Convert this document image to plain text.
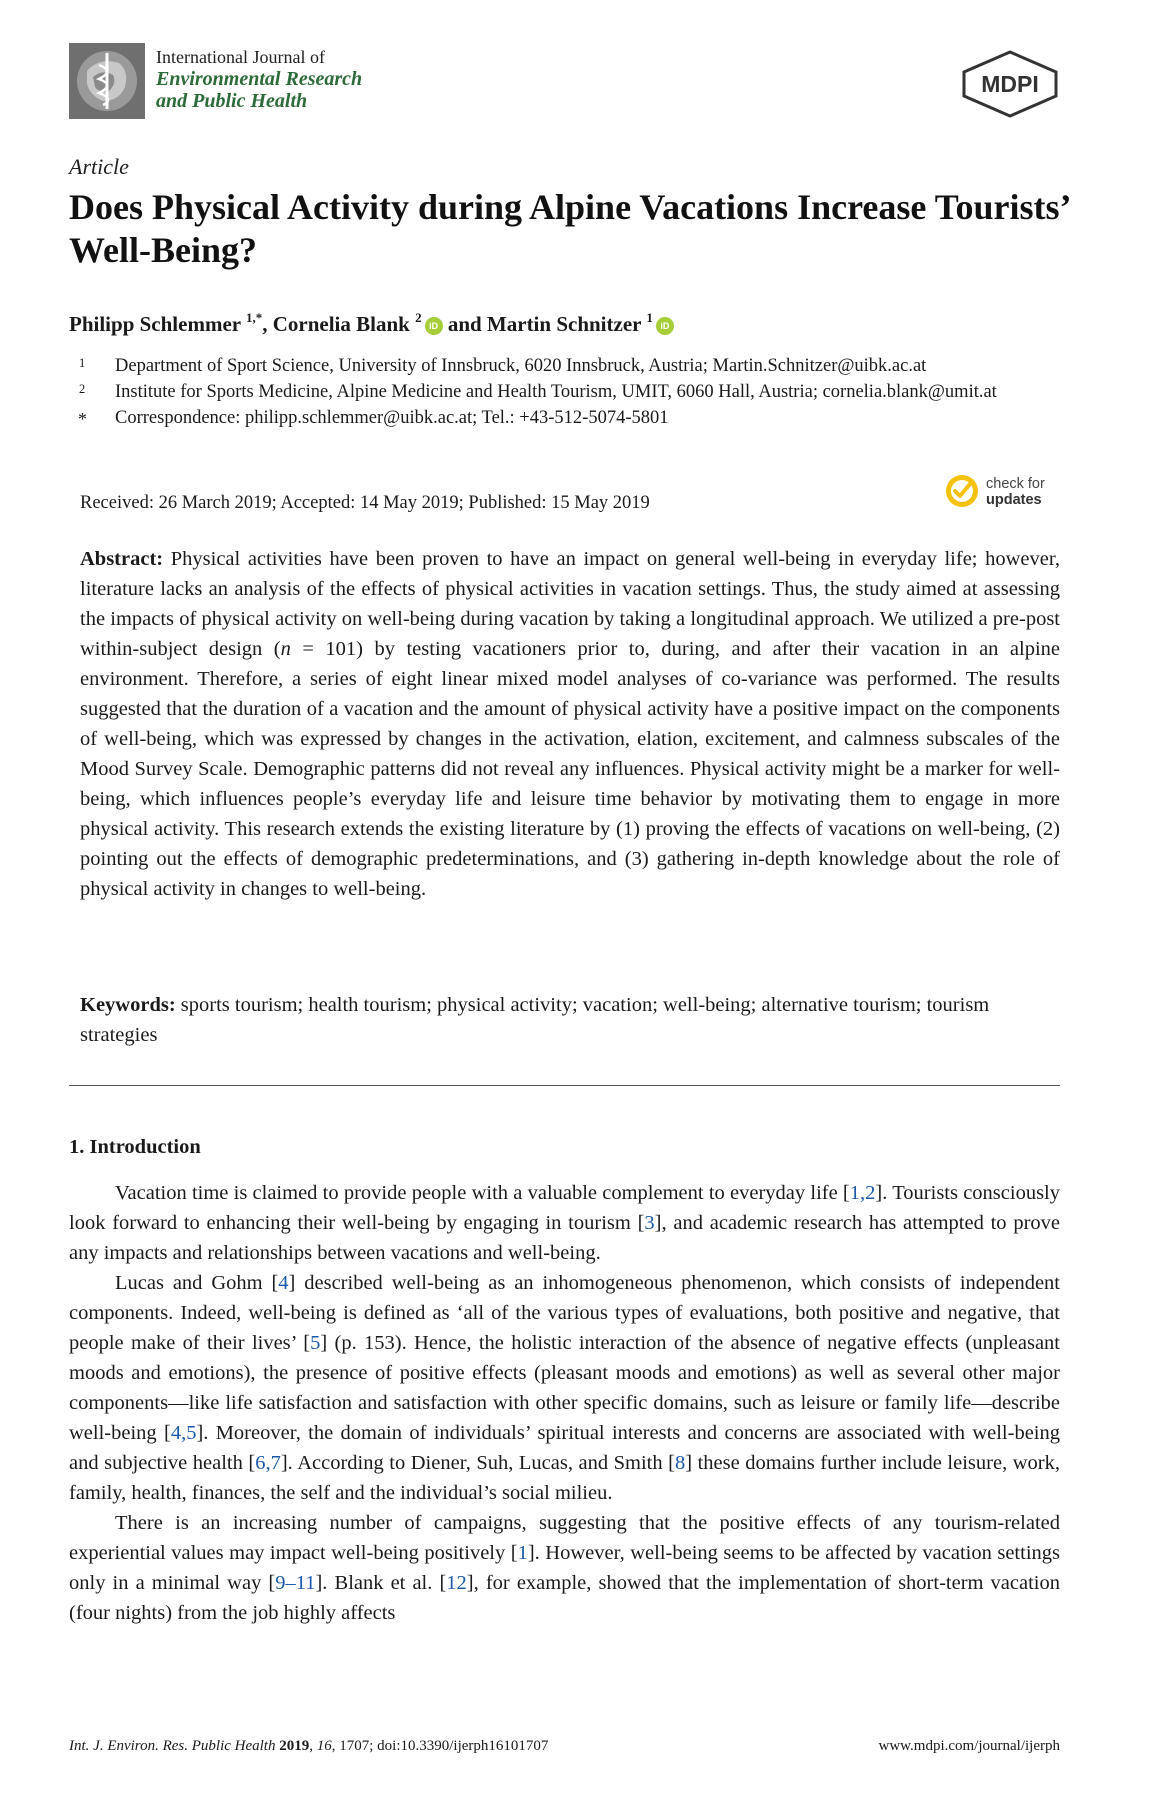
International Journal of
Environmental Research
and Public Health
MDPI
Article
Does Physical Activity during Alpine Vacations Increase Tourists’ Well-Being?
Philipp Schlemmer $^{1,*}$, Cornelia Blank $^2$iD and Martin Schnitzer $^1$iD
1 Department of Sport Science, University of Innsbruck, 6020 Innsbruck, Austria; Martin.Schnitzer@uibk.ac.at
2 Institute for Sports Medicine, Alpine Medicine and Health Tourism, UMIT, 6060 Hall, Austria; cornelia.blank@umit.at
* Correspondence: philipp.schlemmer@uibk.ac.at; Tel.: +43-512-5074-5801
Received: 26 March 2019; Accepted: 14 May 2019; Published: 15 May 2019
check for
updates
Abstract: Physical activities have been proven to have an impact on general well-being in everyday life; however, literature lacks an analysis of the effects of physical activities in vacation settings. Thus, the study aimed at assessing the impacts of physical activity on well-being during vacation by taking a longitudinal approach. We utilized a pre-post within-subject design (n = 101) by testing vacationers prior to, during, and after their vacation in an alpine environment. Therefore, a series of eight linear mixed model analyses of co-variance was performed. The results suggested that the duration of a vacation and the amount of physical activity have a positive impact on the components of well-being, which was expressed by changes in the activation, elation, excitement, and calmness subscales of the Mood Survey Scale. Demographic patterns did not reveal any influences. Physical activity might be a marker for well-being, which influences people’s everyday life and leisure time behavior by motivating them to engage in more physical activity. This research extends the existing literature by (1) proving the effects of vacations on well-being, (2) pointing out the effects of demographic predeterminations, and (3) gathering in-depth knowledge about the role of physical activity in changes to well-being.
Keywords: sports tourism; health tourism; physical activity; vacation; well-being; alternative tourism; tourism strategies
1. Introduction

Vacation time is claimed to provide people with a valuable complement to everyday life [1,2]. Tourists consciously look forward to enhancing their well-being by engaging in tourism [3], and academic research has attempted to prove any impacts and relationships between vacations and well-being.

Lucas and Gohm [4] described well-being as an inhomogeneous phenomenon, which consists of independent components. Indeed, well-being is defined as ‘all of the various types of evaluations, both positive and negative, that people make of their lives’ [5] (p. 153). Hence, the holistic interaction of the absence of negative effects (unpleasant moods and emotions), the presence of positive effects (pleasant moods and emotions) as well as several other major components—like life satisfaction and satisfaction with other specific domains, such as leisure or family life—describe well-being [4,5]. Moreover, the domain of individuals’ spiritual interests and concerns are associated with well-being and subjective health [6,7]. According to Diener, Suh, Lucas, and Smith [8] these domains further include leisure, work, family, health, finances, the self and the individual’s social milieu.

There is an increasing number of campaigns, suggesting that the positive effects of any tourism-related experiential values may impact well-being positively [1]. However, well-being seems to be affected by vacation settings only in a minimal way [9–11]. Blank et al. [12], for example, showed that the implementation of short-term vacation (four nights) from the job highly affects

Int. J. Environ. Res. Public Health 2019, 16, 1707; doi:10.3390/ijerph16101707	www.mdpi.com/journal/ijerph
